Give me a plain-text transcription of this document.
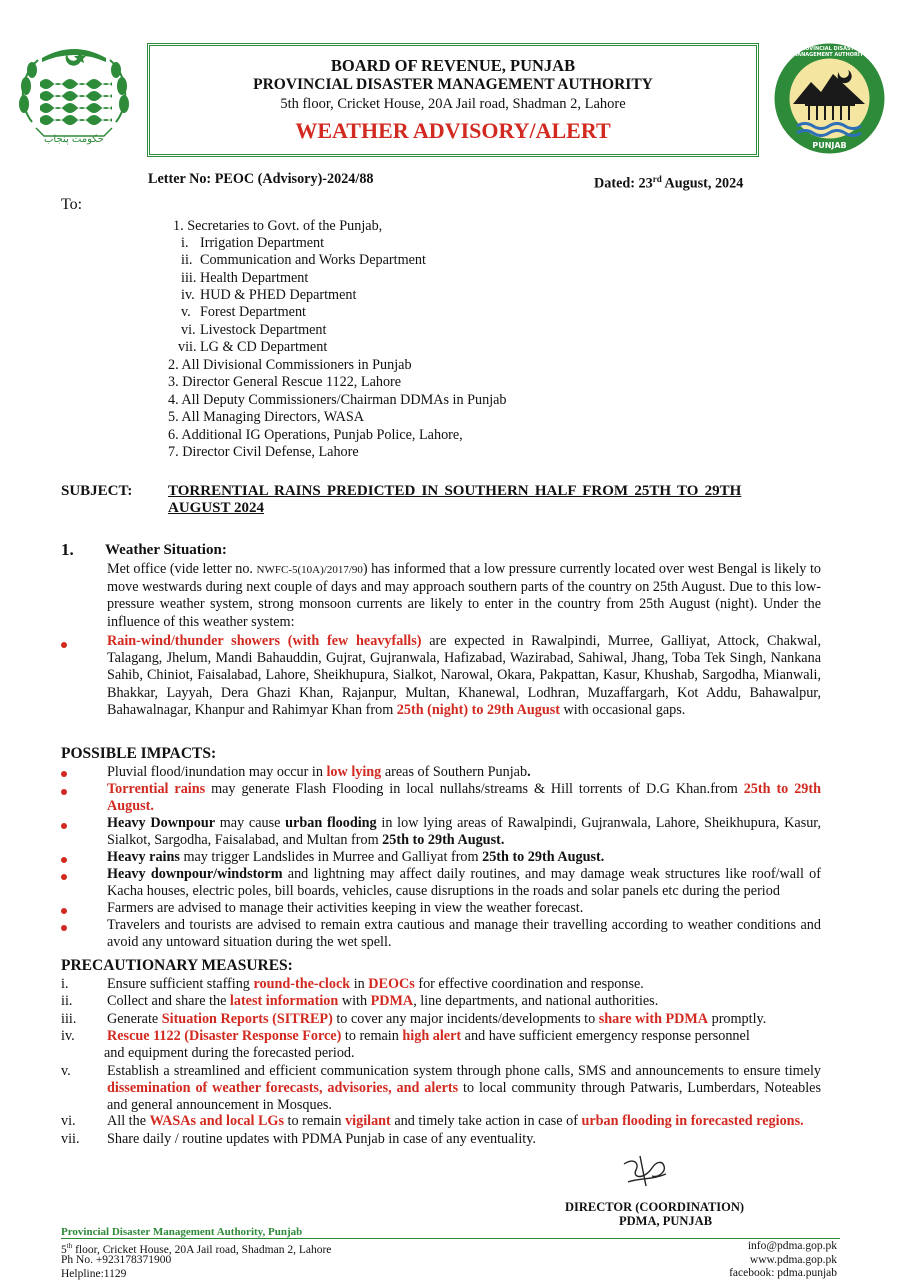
حکومت پنجاب
PROVINCIAL DISASTER MANAGEMENT AUTHORITY
PUNJAB
BOARD OF REVENUE, PUNJAB
PROVINCIAL DISASTER MANAGEMENT AUTHORITY
5th floor, Cricket House, 20A Jail road, Shadman 2, Lahore
WEATHER ADVISORY/ALERT
Letter No: PEOC (Advisory)-2024/88	Dated: 23rd August, 2024
To:
1. Secretaries to Govt. of the Punjab,
i. Irrigation Department
ii. Communication and Works Department
iii. Health Department
iv. HUD & PHED Department
v. Forest Department
vi. Livestock Department
vii. LG & CD Department
2. All Divisional Commissioners in Punjab
3. Director General Rescue 1122, Lahore
4. All Deputy Commissioners/Chairman DDMAs in Punjab
5. All Managing Directors, WASA
6. Additional IG Operations, Punjab Police, Lahore,
7. Director Civil Defense, Lahore
SUBJECT: TORRENTIAL RAINS PREDICTED IN SOUTHERN HALF FROM 25TH TO 29TH
AUGUST 2024
1. Weather Situation:
Met office (vide letter no. NWFC-5(10A)/2017/90) has informed that a low pressure currently located over west Bengal is likely to move westwards during next couple of days and may approach southern parts of the country on 25th August. Due to this low-pressure weather system, strong monsoon currents are likely to enter in the country from 25th August (night). Under the influence of this weather system:
Rain-wind/thunder showers (with few heavyfalls) are expected in Rawalpindi, Murree, Galliyat, Attock, Chakwal, Talagang, Jhelum, Mandi Bahauddin, Gujrat, Gujranwala, Hafizabad, Wazirabad, Sahiwal, Jhang, Toba Tek Singh, Nankana Sahib, Chiniot, Faisalabad, Lahore, Sheikhupura, Sialkot, Narowal, Okara, Pakpattan, Kasur, Khushab, Sargodha, Mianwali, Bhakkar, Layyah, Dera Ghazi Khan, Rajanpur, Multan, Khanewal, Lodhran, Muzaffargarh, Kot Addu, Bahawalpur, Bahawalnagar, Khanpur and Rahimyar Khan from 25th (night) to 29th August with occasional gaps.
POSSIBLE IMPACTS:
Pluvial flood/inundation may occur in low lying areas of Southern Punjab.
Torrential rains may generate Flash Flooding in local nullahs/streams & Hill torrents of D.G Khan.from 25th to 29th August.
Heavy Downpour may cause urban flooding in low lying areas of Rawalpindi, Gujranwala, Lahore, Sheikhupura, Kasur, Sialkot, Sargodha, Faisalabad, and Multan from 25th to 29th August.
Heavy rains may trigger Landslides in Murree and Galliyat from 25th to 29th August.
Heavy downpour/windstorm and lightning may affect daily routines, and may damage weak structures like roof/wall of Kacha houses, electric poles, bill boards, vehicles, cause disruptions in the roads and solar panels etc during the period
Farmers are advised to manage their activities keeping in view the weather forecast.
Travelers and tourists are advised to remain extra cautious and manage their travelling according to weather conditions and avoid any untoward situation during the wet spell.
PRECAUTIONARY MEASURES:
i.	Ensure sufficient staffing round-the-clock in DEOCs for effective coordination and response.
ii. Collect and share the latest information with PDMA, line departments, and national authorities.
iii. Generate Situation Reports (SITREP) to cover any major incidents/developments to share with PDMA promptly.
iv. Rescue 1122 (Disaster Response Force) to remain high alert and have sufficient emergency response personnel
and equipment during the forecasted period.
v.	Establish a streamlined and efficient communication system through phone calls, SMS and announcements to ensure timely dissemination of weather forecasts, advisories, and alerts to local community through Patwaris, Lumberdars, Noteables and general announcement in Mosques.
vi. All the WASAs and local LGs to remain vigilant and timely take action in case of urban flooding in forecasted regions.
vii. Share daily / routine updates with PDMA Punjab in case of any eventuality.
DIRECTOR (COORDINATION)
PDMA, PUNJAB
Provincial Disaster Management Authority, Punjab
5th floor, Cricket House, 20A Jail road, Shadman 2, Lahore
Ph No. +923178371900
Helpline:1129
info@pdma.gop.pk
www.pdma.gop.pk
facebook: pdma.punjab
